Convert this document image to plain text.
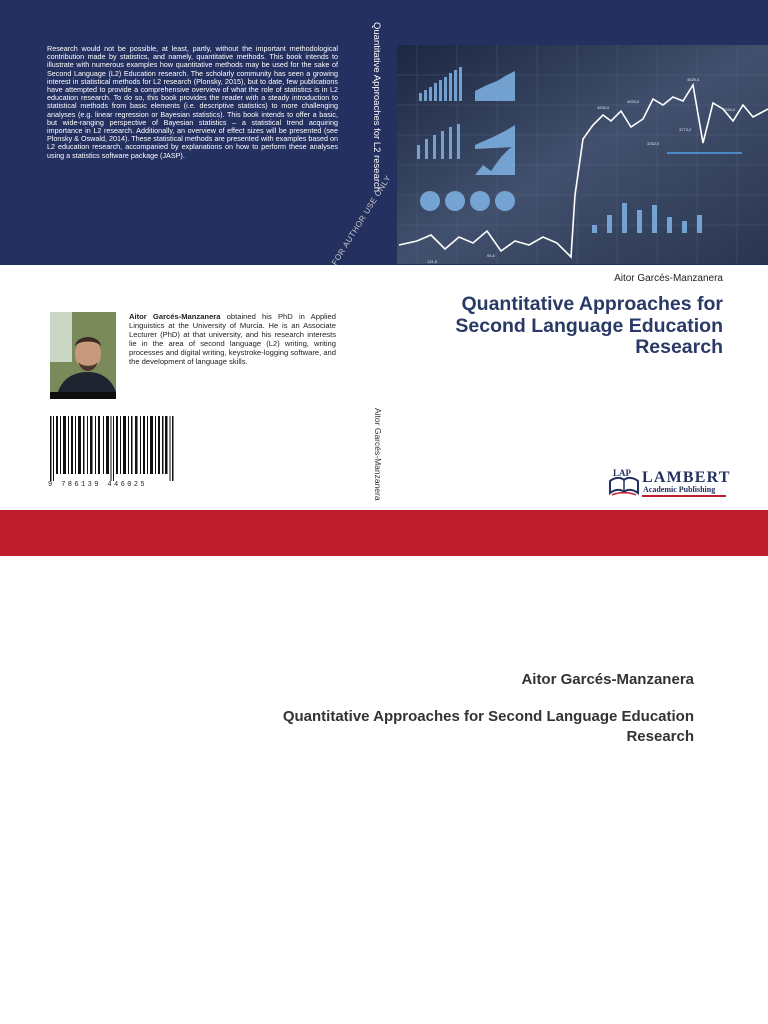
Research would not be possible, at least, partly, without the important methodological contribution made by statistics, and namely, quantitative methods. This book intends to illustrate with numerous examples how quantitative methods may be used for the sake of Second Language (L2) Education research. The scholarly community has seen a growing interest in statistical methods for L2 research (Plonsky, 2015), but to date, few publications have attempted to provide a comprehensive overview of what the role of statistics is in L2 education research. To do so, this book provides the reader with a steady introduction to statistical methods from basic elements (i.e. descriptive statistics) to more challenging analyses (e.g. linear regression or Bayesian statistics). This book intends to offer a basic, but wide-ranging perspective of Bayesian statistics – a statistical trend acquiring importance in L2 research. Additionally, an overview of effect sizes will be presented (see Plonsky & Oswald, 2014). These statistical methods are presented with examples based on L2 education research, accompanied by explanations on how to perform these analyses using a statistics software package (JASP).
4530,0
4533,0
4526,4
4253,0
3773,2
3252,0
131,5
94,8
Quantitative Approaches for L2 research
Aitor Garcés-Manzanera
FOR AUTHOR USE ONLY
Aitor Garcés-Manzanera
Quantitative Approaches for Second Language Education Research
Aitor Garcés-Manzanera obtained his PhD in Applied Linguistics at the University of Murcia. He is an Associate Lecturer (PhD) at that university, and his research interests lie in the area of second language (L2) writing, writing processes and digital writing, keystroke-logging software, and the development of language skills.
9 786139 446025
LAP LAMBERT
Academic Publishing
Aitor Garcés-Manzanera
Quantitative Approaches for Second Language Education Research
